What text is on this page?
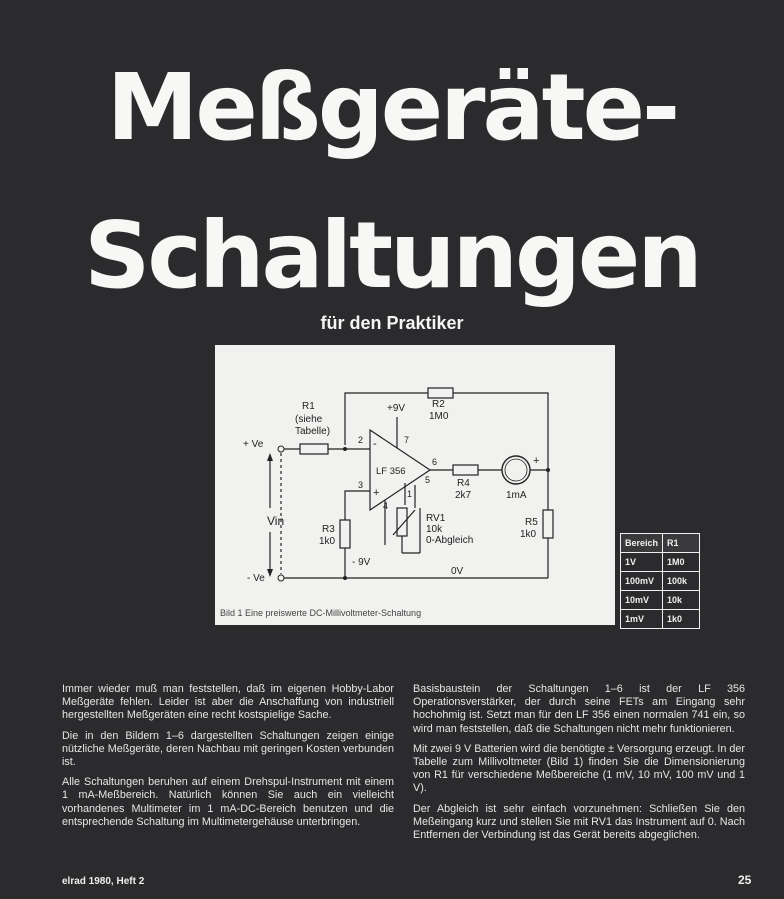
Meßgeräte-
Schaltungen

für den Praktiker

R1
(siehe
Tabelle)
R2
1M0
+9V
- 9V
+ Ve
- Ve
Vin
LF 356
2
3
7
6
5
4
1
R3
1k0
RV1
10k
0-Abgleich
R4
2k7	1mA
R5
1k0
0V
+
-
+
Bild 1 Eine preiswerte DC-Millivoltmeter-Schaltung
Bereich	R1
1V	1M0
100mV	100k
10mV	10k
1mV	1k0

Immer wieder muß man feststellen, daß im eigenen Hobby-Labor Meßgeräte fehlen. Leider ist aber die Anschaffung von industriell hergestellten Meßgeräten eine recht kostspielige Sache.

Die in den Bildern 1–6 dargestellten Schaltungen zeigen einige nützliche Meßgeräte, deren Nachbau mit geringen Kosten verbunden ist.

Alle Schaltungen beruhen auf einem Drehspul-Instrument mit einem 1 mA-Meßbereich. Natürlich können Sie auch ein vielleicht vorhandenes Multimeter im 1 mA-DC-Bereich benutzen und die entsprechende Schaltung im Multimetergehäuse unterbringen.

Basisbaustein der Schaltungen 1–6 ist der LF 356 Operationsverstärker, der durch seine FETs am Eingang sehr hochohmig ist. Setzt man für den LF 356 einen normalen 741 ein, so wird man feststellen, daß die Schaltungen nicht mehr funktionieren.

Mit zwei 9 V Batterien wird die benötigte ± Versorgung erzeugt. In der Tabelle zum Millivoltmeter (Bild 1) finden Sie die Dimensionierung von R1 für verschiedene Meßbereiche (1 mV, 10 mV, 100 mV und 1 V).

Der Abgleich ist sehr einfach vorzunehmen: Schließen Sie den Meßeingang kurz und stellen Sie mit RV1 das Instrument auf 0. Nach Entfernen der Verbindung ist das Gerät bereits abgeglichen.

elrad 1980, Heft 2	25
